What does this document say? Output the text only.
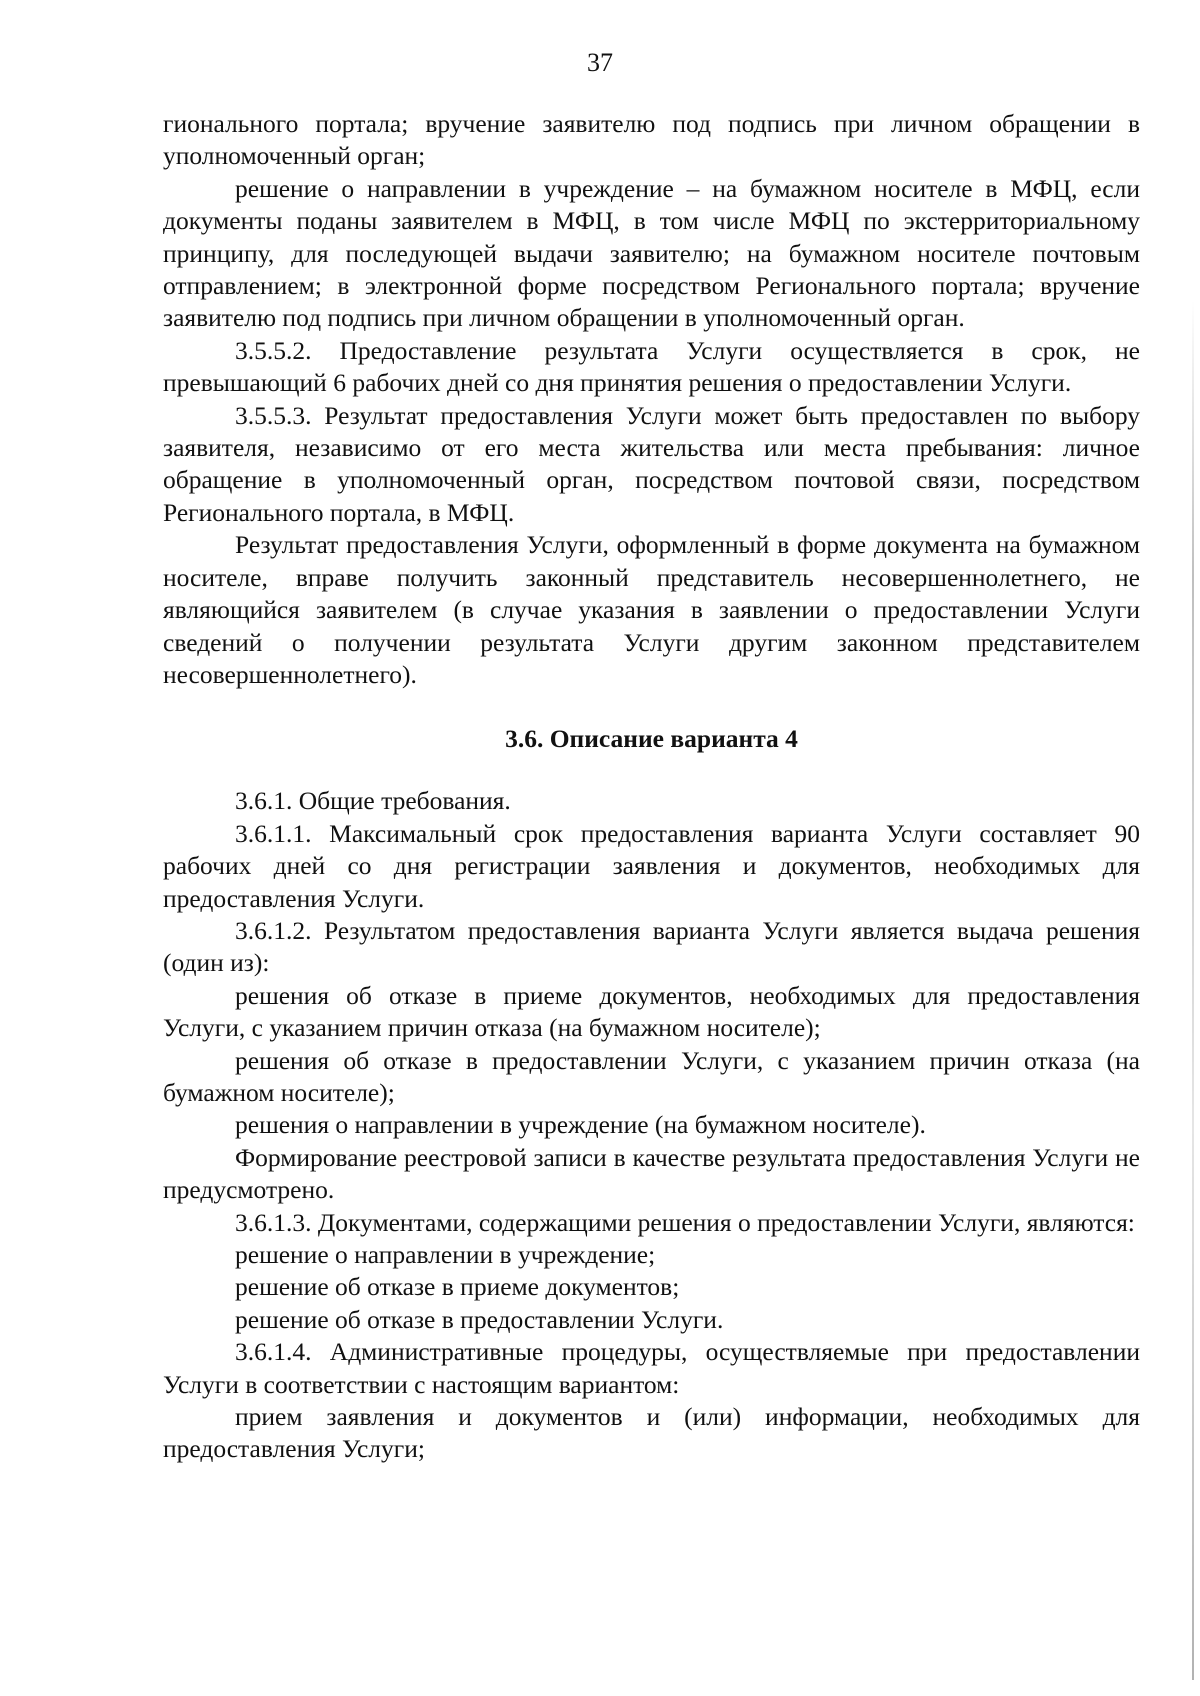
37

гионального портала; вручение заявителю под подпись при личном обращении в уполномоченный орган;

решение о направлении в учреждение – на бумажном носителе в МФЦ, если документы поданы заявителем в МФЦ, в том числе МФЦ по экстерриториальному принципу, для последующей выдачи заявителю; на бумажном носителе почтовым отправлением; в электронной форме посредством Регионального портала; вручение заявителю под подпись при личном обращении в уполномоченный орган.

3.5.5.2. Предоставление результата Услуги осуществляется в срок, не превышающий 6 рабочих дней со дня принятия решения о предоставлении Услуги.

3.5.5.3. Результат предоставления Услуги может быть предоставлен по выбору заявителя, независимо от его места жительства или места пребывания: личное обращение в уполномоченный орган, посредством почтовой связи, посредством Регионального портала, в МФЦ.

Результат предоставления Услуги, оформленный в форме документа на бумажном носителе, вправе получить законный представитель несовершеннолетнего, не являющийся заявителем (в случае указания в заявлении о предоставлении Услуги сведений о получении результата Услуги другим законном представителем несовершеннолетнего).

3.6. Описание варианта 4

3.6.1. Общие требования.

3.6.1.1. Максимальный срок предоставления варианта Услуги составляет 90 рабочих дней со дня регистрации заявления и документов, необходимых для предоставления Услуги.

3.6.1.2. Результатом предоставления варианта Услуги является выдача решения (один из):

решения об отказе в приеме документов, необходимых для предоставления Услуги, с указанием причин отказа (на бумажном носителе);

решения об отказе в предоставлении Услуги, с указанием причин отказа (на бумажном носителе);

решения о направлении в учреждение (на бумажном носителе).

Формирование реестровой записи в качестве результата предоставления Услуги не предусмотрено.

3.6.1.3. Документами, содержащими решения о предоставлении Услуги, являются:

решение о направлении в учреждение;

решение об отказе в приеме документов;

решение об отказе в предоставлении Услуги.

3.6.1.4. Административные процедуры, осуществляемые при предоставлении Услуги в соответствии с настоящим вариантом:

прием заявления и документов и (или) информации, необходимых для предоставления Услуги;
